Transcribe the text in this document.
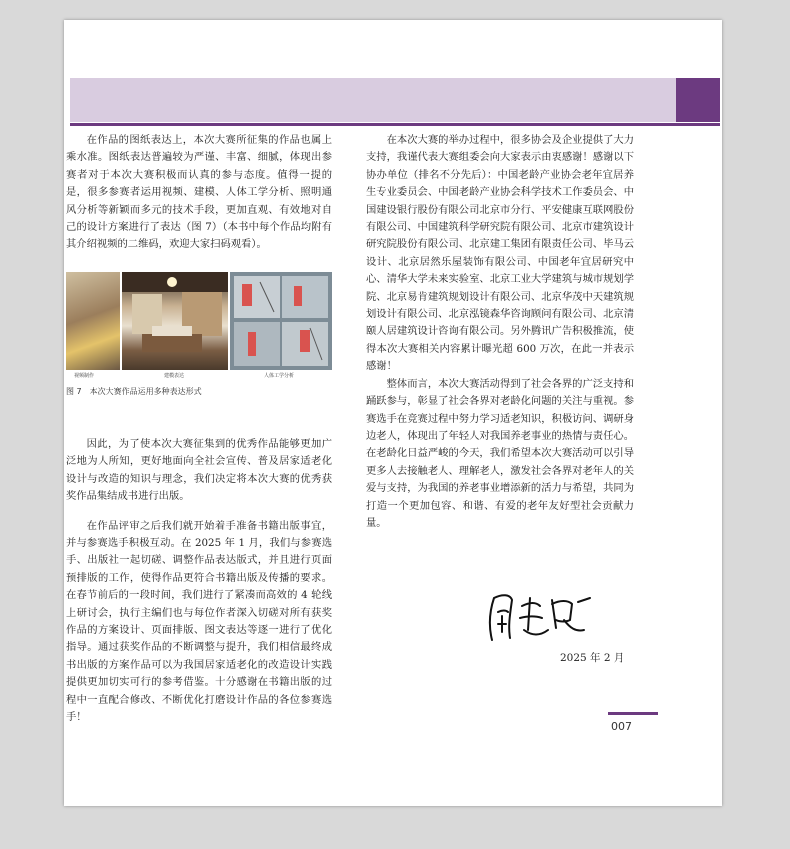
在作品的图纸表达上，本次大赛所征集的作品也属上乘水准。图纸表达普遍较为严谨、丰富、细腻，体现出参赛者对于本次大赛积极而认真的参与态度。值得一提的是，很多参赛者运用视频、建模、人体工学分析、照明通风分析等新颖而多元的技术手段，更加直观、有效地对自己的设计方案进行了表达（图 7）（本书中每个作品均附有其介绍视频的二维码，欢迎大家扫码观看）。

视频制作	建模表达	人体工学分析
图 7　本次大赛作品运用多种表达形式

因此，为了使本次大赛征集到的优秀作品能够更加广泛地为人所知，更好地面向全社会宣传、普及居家适老化设计与改造的知识与理念，我们决定将本次大赛的优秀获奖作品集结成书进行出版。

在作品评审之后我们就开始着手准备书籍出版事宜，并与参赛选手积极互动。在 2025 年 1 月，我们与参赛选手、出版社一起切磋、调整作品表达版式，并且进行页面预排版的工作，使得作品更符合书籍出版及传播的要求。在春节前后的一段时间，我们进行了紧凑而高效的 4 轮线上研讨会，执行主编们也与每位作者深入切磋对所有获奖作品的方案设计、页面排版、图文表达等逐一进行了优化指导。通过获奖作品的不断调整与提升，我们相信最终成书出版的方案作品可以为我国居家适老化的改造设计实践提供更加切实可行的参考借鉴。十分感谢在书籍出版的过程中一直配合修改、不断优化打磨设计作品的各位参赛选手！

在本次大赛的举办过程中，很多协会及企业提供了大力支持，我谨代表大赛组委会向大家表示由衷感谢！感谢以下协办单位（排名不分先后）：中国老龄产业协会老年宜居养生专业委员会、中国老龄产业协会科学技术工作委员会、中国建设银行股份有限公司北京市分行、平安健康互联网股份有限公司、中国建筑科学研究院有限公司、北京市建筑设计研究院股份有限公司、北京建工集团有限责任公司、毕马云设计、北京居然乐屋装饰有限公司、中国老年宜居研究中心、清华大学未来实验室、北京工业大学建筑与城市规划学院、北京易肯建筑规划设计有限公司、北京华茂中天建筑规划设计有限公司、北京泓镜森华咨询顾问有限公司、北京清颐人居建筑设计咨询有限公司。另外腾讯广告积极推流，使得本次大赛相关内容累计曝光超 600 万次，在此一并表示感谢！

整体而言，本次大赛活动得到了社会各界的广泛支持和踊跃参与，彰显了社会各界对老龄化问题的关注与重视。参赛选手在竞赛过程中努力学习适老知识，积极访问、调研身边老人，体现出了年轻人对我国养老事业的热情与责任心。在老龄化日益严峻的今天，我们希望本次大赛活动可以引导更多人去接触老人、理解老人，激发社会各界对老年人的关爱与支持，为我国的养老事业增添新的活力与希望，共同为打造一个更加包容、和谐、有爱的老年友好型社会贡献力量。

2025 年 2 月
007
